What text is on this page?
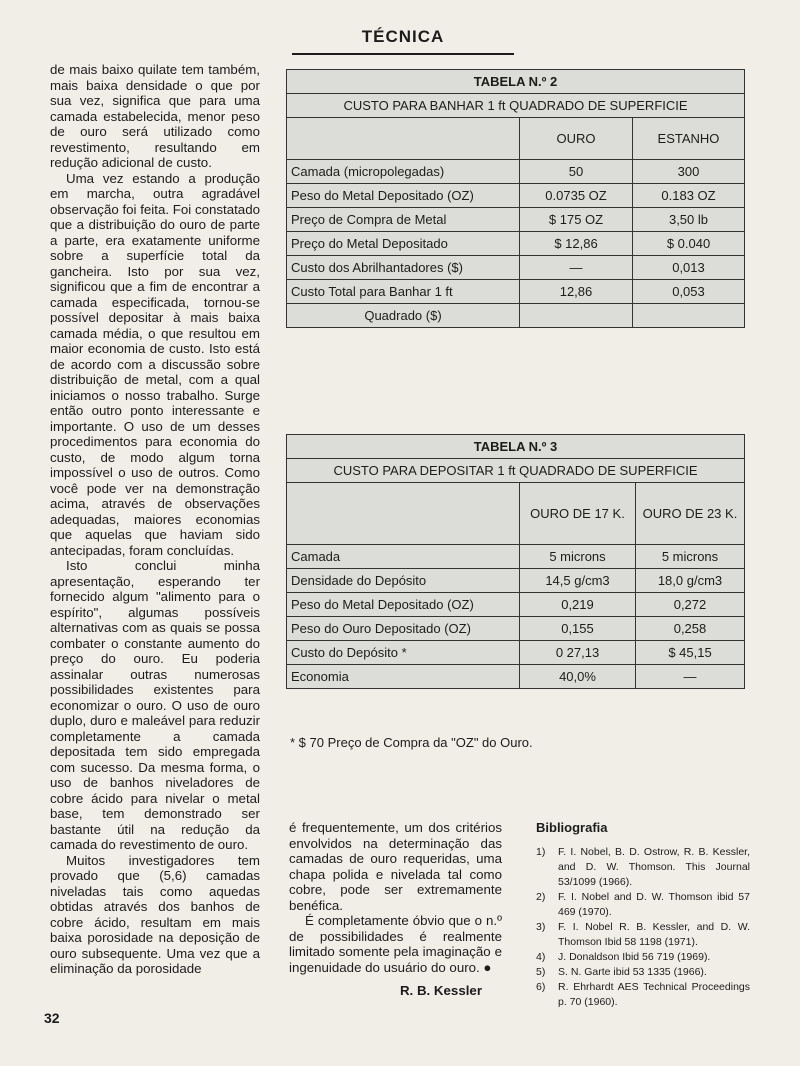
TÉCNICA

de mais baixo quilate tem também, mais baixa densidade o que por sua vez, significa que para uma camada estabelecida, menor peso de ouro será utilizado como revestimento, resultando em redução adicional de custo.

Uma vez estando a produção em marcha, outra agradável observação foi feita. Foi constatado que a distribuição do ouro de parte a parte, era exatamente uniforme sobre a superfície total da gancheira. Isto por sua vez, significou que a fim de encontrar a camada especificada, tornou-se possível depositar à mais baixa camada média, o que resultou em maior economia de custo. Isto está de acordo com a discussão sobre distribuição de metal, com a qual iniciamos o nosso trabalho. Surge então outro ponto interessante e importante. O uso de um desses procedimentos para economia do custo, de modo algum torna impossível o uso de outros. Como você pode ver na demonstração acima, através de observações adequadas, maiores economias que aquelas que haviam sido antecipadas, foram concluídas.

Isto conclui minha apresentação, esperando ter fornecido algum "alimento para o espírito", algumas possíveis alternativas com as quais se possa combater o constante aumento do preço do ouro. Eu poderia assinalar outras numerosas possibilidades existentes para economizar o ouro. O uso de ouro duplo, duro e maleável para reduzir completamente a camada depositada tem sido empregada com sucesso. Da mesma forma, o uso de banhos niveladores de cobre ácido para nivelar o metal base, tem demonstrado ser bastante útil na redução da camada do revestimento de ouro.

Muitos investigadores tem provado que (5,6) camadas niveladas tais como aquedas obtidas através dos banhos de cobre ácido, resultam em mais baixa porosidade na deposição de ouro subsequente. Uma vez que a eliminação da porosidade

TABELA N.º 2		
CUSTO PARA BANHAR 1 ft QUADRADO DE SUPERFICIE		
	OURO	ESTANHO
Camada (micropolegadas)	50	300
Peso do Metal Depositado (OZ)	0.0735 OZ	0.183 OZ
Preço de Compra de Metal	$ 175 OZ	3,50 lb
Preço do Metal Depositado	$ 12,86	$ 0.040
Custo dos Abrilhantadores ($)	—	0,013
Custo Total para Banhar 1 ft	12,86	0,053
Quadrado ($)		
TABELA N.º 3		
CUSTO PARA DEPOSITAR 1 ft QUADRADO DE SUPERFICIE		
	OURO DE 17 K.	OURO DE 23 K.
Camada	5 microns	5 microns
Densidade do Depósito	14,5 g/cm3	18,0 g/cm3
Peso do Metal Depositado (OZ)	0,219	0,272
Peso do Ouro Depositado (OZ)	0,155	0,258
Custo do Depósito *	0 27,13	$ 45,15
Economia	40,0%	—
* $ 70 Preço de Compra da "OZ" do Ouro.

é frequentemente, um dos critérios envolvidos na determinação das camadas de ouro requeridas, uma chapa polida e nivelada tal como cobre, pode ser extremamente benéfica.

É completamente óbvio que o n.º de possibilidades é realmente limitado somente pela imaginação e ingenuidade do usuário do ouro. ●

R. B. Kessler
Bibliografia
1)	F. I. Nobel, B. D. Ostrow, R. B. Kessler, and D. W. Thomson. This Journal 53/1099 (1966).
2)	F. I. Nobel and D. W. Thomson ibid 57 469 (1970).
3)	F. I. Nobel R. B. Kessler, and D. W. Thomson Ibid 58 1198 (1971).
4)	J. Donaldson Ibid 56 719 (1969).
5)	S. N. Garte ibid 53 1335 (1966).
6)	R. Ehrhardt AES Technical Proceedings p. 70 (1960).
32
